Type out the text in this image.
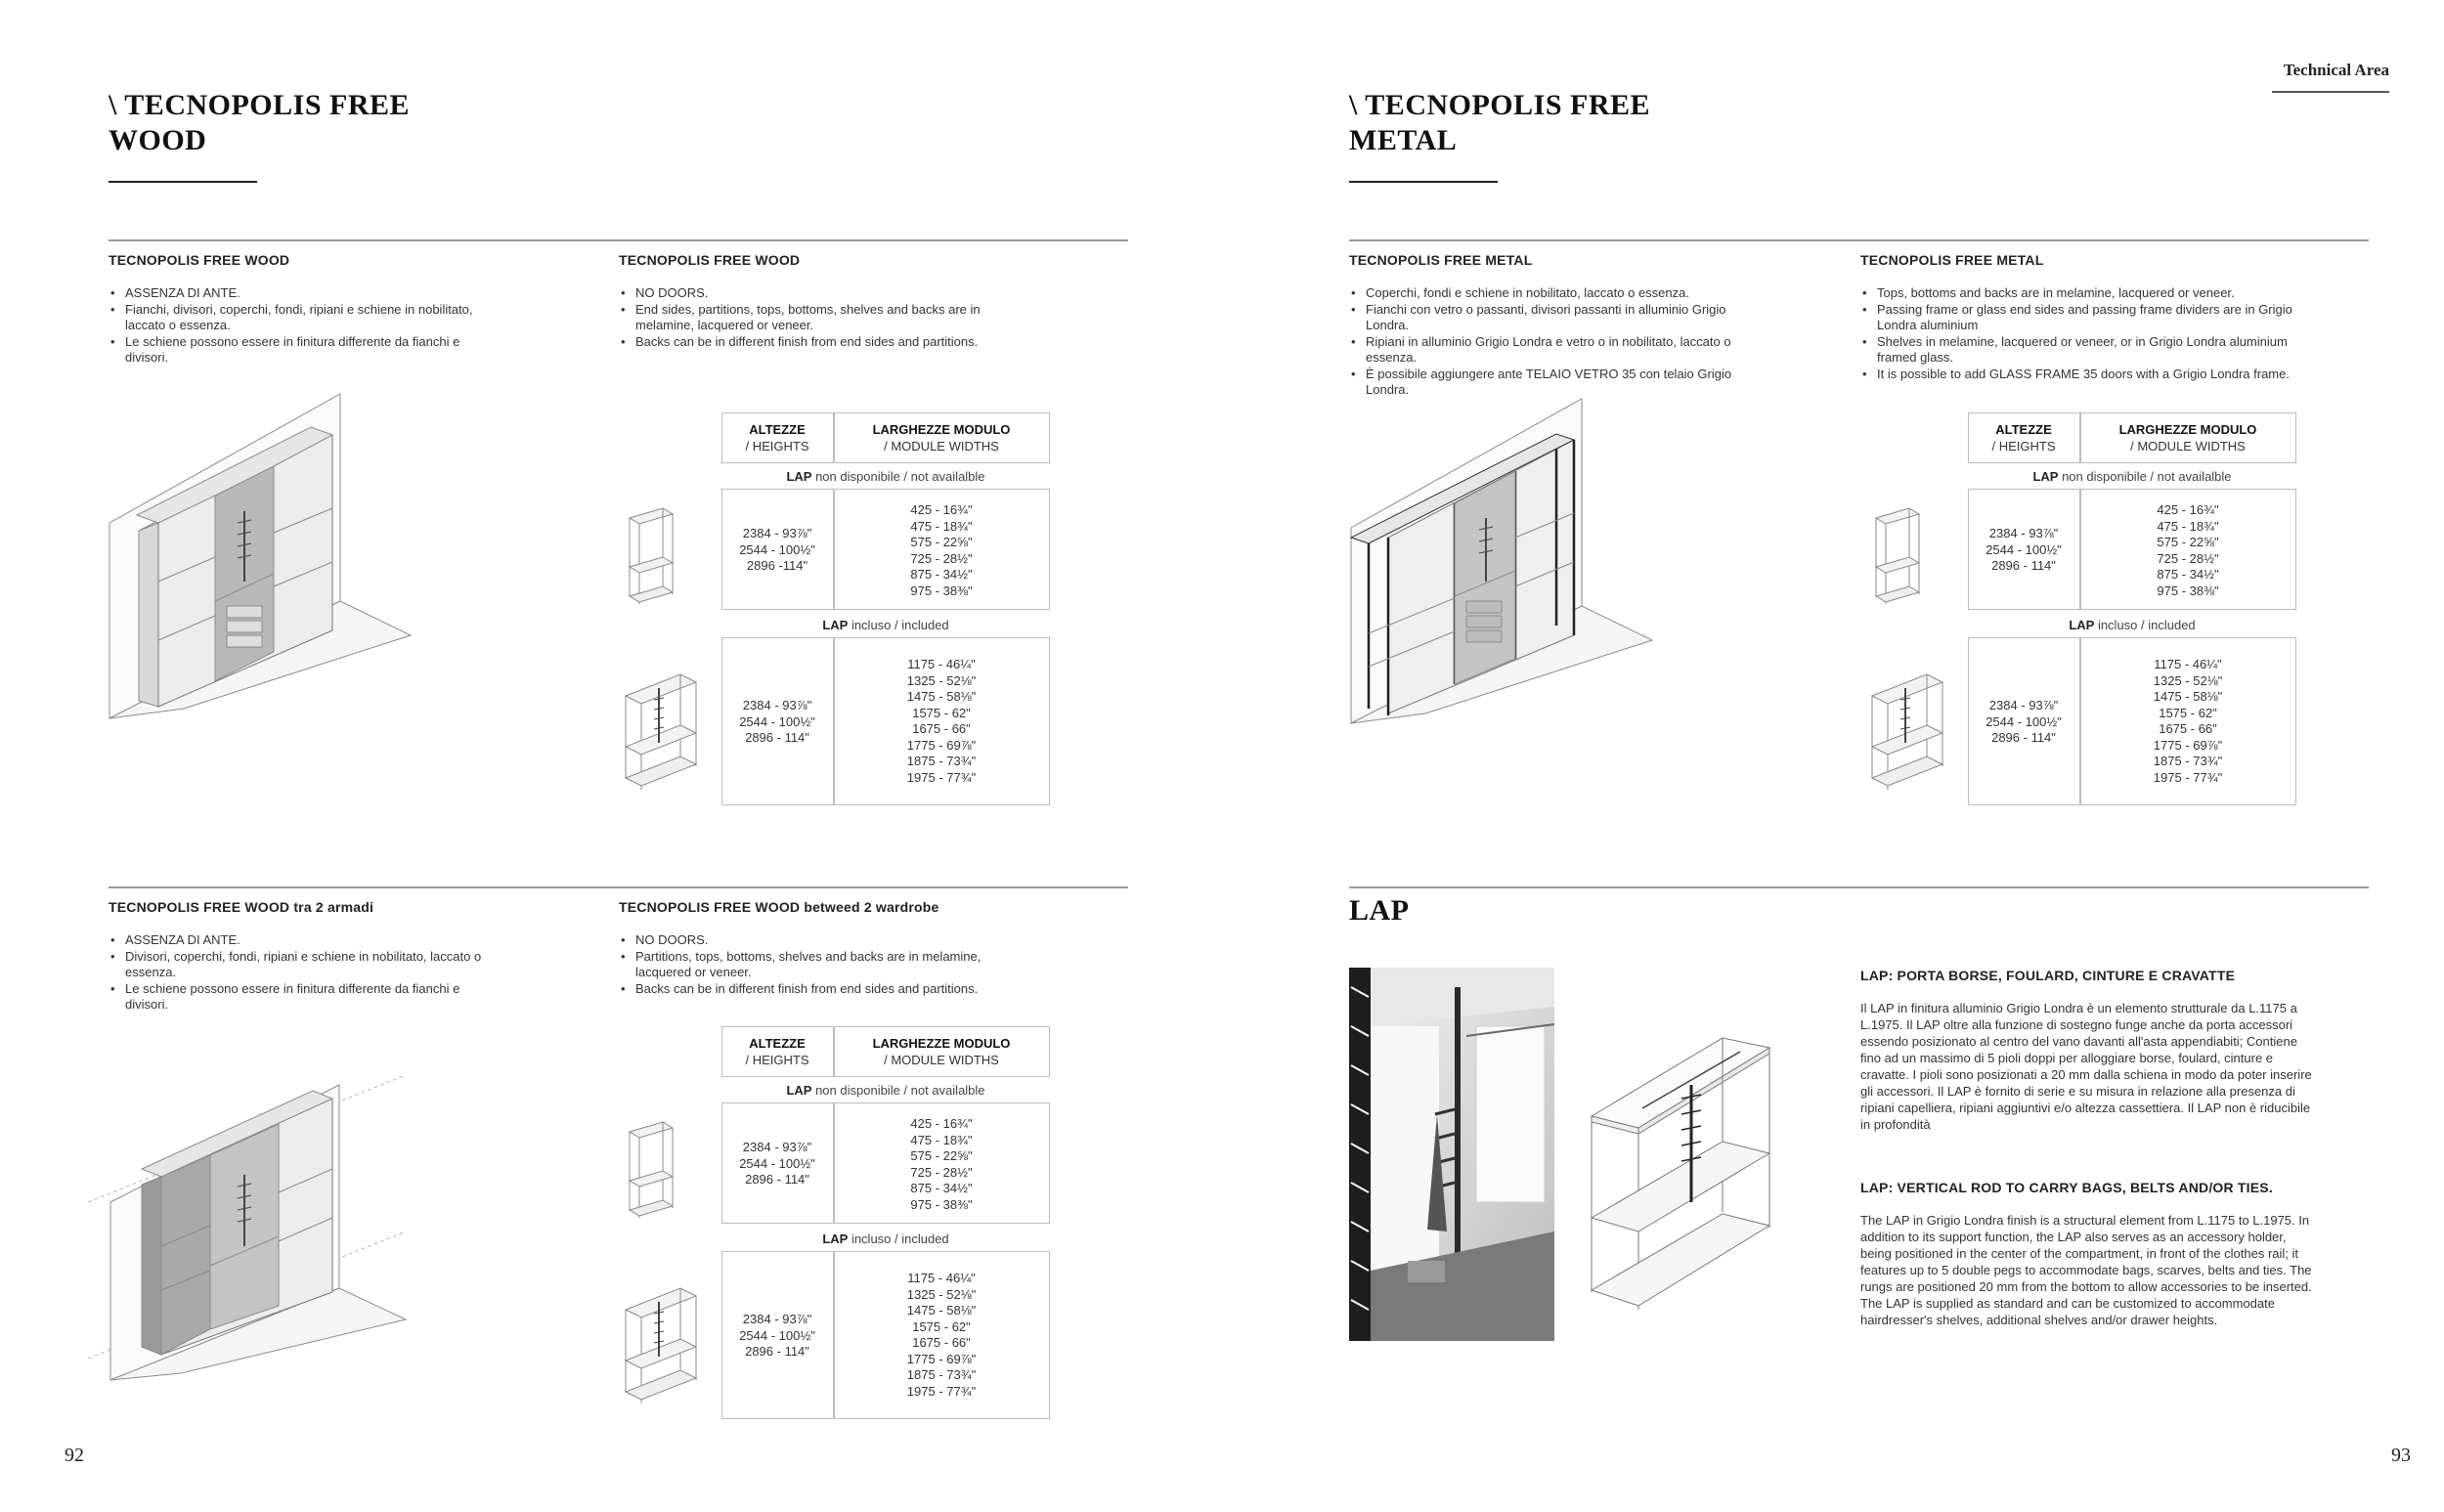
Technical Area
\ TECNOPOLIS FREE
WOOD
TECNOPOLIS FREE WOOD
• ASSENZA DI ANTE.
• Fianchi, divisori, coperchi, fondi, ripiani e schiene in nobilitato, laccato o essenza.
• Le schiene possono essere in finitura differente da fianchi e divisori.
TECNOPOLIS FREE WOOD
• NO DOORS.
• End sides, partitions, tops, bottoms, shelves and backs are in melamine, lacquered or veneer.
• Backs can be in different finish from end sides and partitions.
ALTEZZE
/ HEIGHTS
LARGHEZZE MODULO
/ MODULE WIDTHS
LAP non disponibile / not availalble
2384 - 93⅞"
2544 - 100½"
2896 -114"
425 - 16¾"
475 - 18¾"
575 - 22⅝"
725 - 28½"
875 - 34½"
975 - 38⅜"
LAP incluso / included
2384 - 93⅞"
2544 - 100½"
2896 - 114"
1175 - 46¼"
1325 - 52⅛"
1475 - 58⅛"
1575 - 62"
1675 - 66"
1775 - 69⅞"
1875 - 73¾"
1975 - 77¾"
TECNOPOLIS FREE WOOD tra 2 armadi
• ASSENZA DI ANTE.
• Divisori, coperchi, fondi, ripiani e schiene in nobilitato, laccato o essenza.
• Le schiene possono essere in finitura differente da fianchi e divisori.
TECNOPOLIS FREE WOOD betweed 2 wardrobe
• NO DOORS.
• Partitions, tops, bottoms, shelves and backs are in melamine, lacquered or veneer.
• Backs can be in different finish from end sides and partitions.
ALTEZZE
/ HEIGHTS
LARGHEZZE MODULO
/ MODULE WIDTHS
LAP non disponibile / not availalble
2384 - 93⅞"
2544 - 100½"
2896 - 114"
425 - 16¾"
475 - 18¾"
575 - 22⅝"
725 - 28½"
875 - 34½"
975 - 38⅜"
LAP incluso / included
2384 - 93⅞"
2544 - 100½"
2896 - 114"
1175 - 46¼"
1325 - 52⅛"
1475 - 58⅛"
1575 - 62"
1675 - 66"
1775 - 69⅞"
1875 - 73¾"
1975 - 77¾"
92
\ TECNOPOLIS FREE
METAL
TECNOPOLIS FREE METAL
• Coperchi, fondi e schiene in nobilitato, laccato o essenza.
• Fianchi con vetro o passanti, divisori passanti in alluminio Grigio Londra.
• Ripiani in alluminio Grigio Londra e vetro o in nobilitato, laccato o essenza.
• È possibile aggiungere ante TELAIO VETRO 35 con telaio Grigio Londra.
TECNOPOLIS FREE METAL
• Tops, bottoms and backs are in melamine, lacquered or veneer.
• Passing frame or glass end sides and passing frame dividers are in Grigio Londra aluminium
• Shelves in melamine, lacquered or veneer, or in Grigio Londra aluminium framed glass.
• It is possible to add GLASS FRAME 35 doors with a Grigio Londra frame.
ALTEZZE
/ HEIGHTS
LARGHEZZE MODULO
/ MODULE WIDTHS
LAP non disponibile / not availalble
2384 - 93⅞"
2544 - 100½"
2896 - 114"
425 - 16¾"
475 - 18¾"
575 - 22⅝"
725 - 28½"
875 - 34½"
975 - 38⅜"
LAP incluso / included
2384 - 93⅞"
2544 - 100½"
2896 - 114"
1175 - 46¼"
1325 - 52⅛"
1475 - 58⅛"
1575 - 62"
1675 - 66"
1775 - 69⅞"
1875 - 73¾"
1975 - 77¾"
LAP
LAP: PORTA BORSE, FOULARD, CINTURE E CRAVATTE

Il LAP in finitura alluminio Grigio Londra è un elemento strutturale da L.1175 a L.1975. Il LAP oltre alla funzione di sostegno funge anche da porta accessori essendo posizionato al centro del vano davanti all'asta appendiabiti; Contiene fino ad un massimo di 5 pioli doppi per alloggiare borse, foulard, cinture e cravatte. I pioli sono posizionati a 20 mm dalla schiena in modo da poter inserire gli accessori. Il LAP è fornito di serie e su misura in relazione alla presenza di ripiani capelliera, ripiani aggiuntivi e/o altezza cassettiera. Il LAP non è riducibile in profondità

LAP: VERTICAL ROD TO CARRY BAGS, BELTS AND/OR TIES.

The LAP in Grigio Londra finish is a structural element from L.1175 to L.1975. In addition to its support function, the LAP also serves as an accessory holder, being positioned in the center of the compartment, in front of the clothes rail; it features up to 5 double pegs to accommodate bags, scarves, belts and ties. The rungs are positioned 20 mm from the bottom to allow accessories to be inserted. The LAP is supplied as standard and can be customized to accommodate hairdresser's shelves, additional shelves and/or drawer heights.

93
